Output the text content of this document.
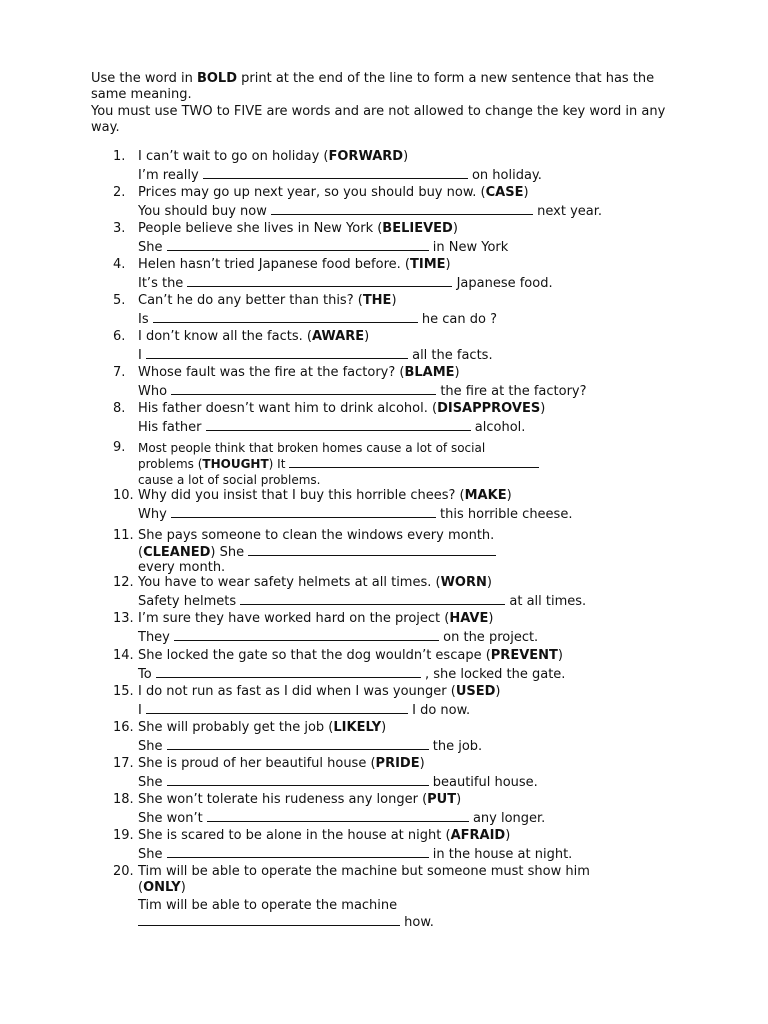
Use the word in BOLD print at the end of the line to form a new sentence that has the same meaning.

You must use TWO to FIVE are words and are not allowed to change the key word in any way.

1. I can’t wait to go on holiday (FORWARD)
I’m really	on holiday.
2. Prices may go up next year, so you should buy now. (CASE)
You should buy now	next year.
3. People believe she lives in New York (BELIEVED)
She	in New York
4. Helen hasn’t tried Japanese food before. (TIME)
It’s the	Japanese food.
5. Can’t he do any better than this? (THE)
Is	he can do ?
6. I don’t know all the facts. (AWARE)
I	all the facts.
7. Whose fault was the fire at the factory? (BLAME)
Who	the fire at the factory?
8. His father doesn’t want him to drink alcohol. (DISAPPROVES)
His father	alcohol.
9.	Most people think that broken homes cause a lot of social
problems (THOUGHT) It
cause a lot of social problems.
10. Why did you insist that I buy this horrible chees? (MAKE)
Why	this horrible cheese.
11. She pays someone to clean the windows every month.
(CLEANED) She
every month.
12. You have to wear safety helmets at all times. (WORN)
Safety helmets	at all times.
13. I’m sure they have worked hard on the project (HAVE)
They	on the project.
14. She locked the gate so that the dog wouldn’t escape (PREVENT)
To	, she locked the gate.
15. I do not run as fast as I did when I was younger (USED)
I	I do now.
16. She will probably get the job (LIKELY)
She	the job.
17. She is proud of her beautiful house (PRIDE)
She	beautiful house.
18. She won’t tolerate his rudeness any longer (PUT)
She won’t	any longer.
19. She is scared to be alone in the house at night (AFRAID)
She	in the house at night.
20. Tim will be able to operate the machine but someone must show him
(ONLY)
Tim will be able to operate the machine
how.
